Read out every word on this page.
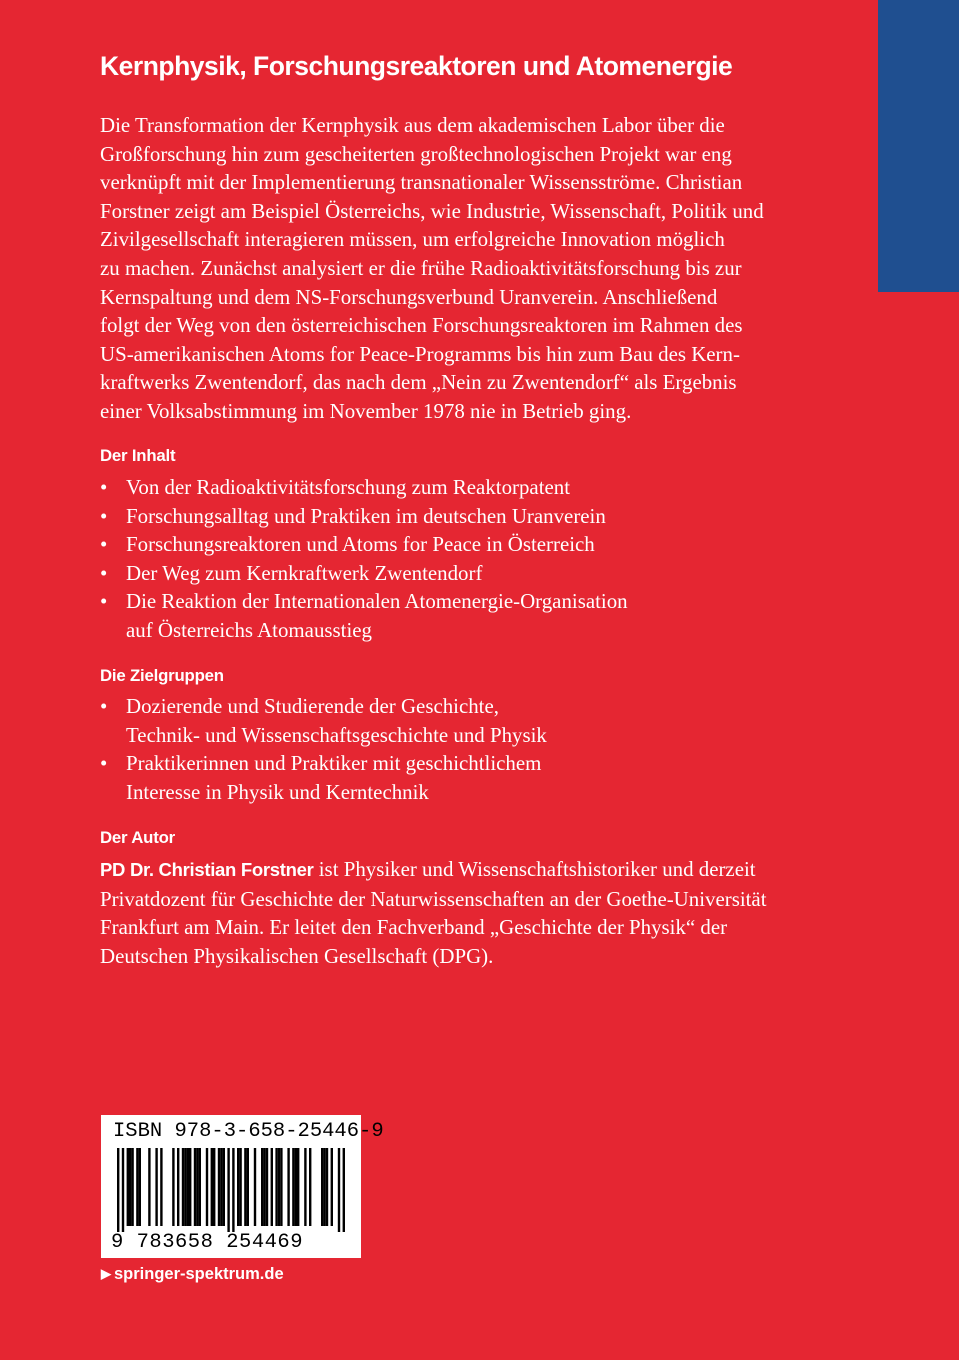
Kernphysik, Forschungsreaktoren und Atomenergie

Die Transformation der Kernphysik aus dem akademischen Labor über die
Großforschung hin zum gescheiterten großtechnologischen Projekt war eng
verknüpft mit der Implementierung transnationaler Wissensströme. Christian
Forstner zeigt am Beispiel Österreichs, wie Industrie, Wissenschaft, Politik und
Zivilgesellschaft interagieren müssen, um erfolgreiche Innovation möglich
zu machen. Zunächst analysiert er die frühe Radioaktivitätsforschung bis zur
Kernspaltung und dem NS-Forschungsverbund Uranverein. Anschließend
folgt der Weg von den österreichischen Forschungsreaktoren im Rahmen des
US-amerikanischen Atoms for Peace-Programms bis hin zum Bau des Kern-
kraftwerks Zwentendorf, das nach dem „Nein zu Zwentendorf“ als Ergebnis
einer Volksabstimmung im November 1978 nie in Betrieb ging.

Der Inhalt
• Von der Radioaktivitätsforschung zum Reaktorpatent
• Forschungsalltag und Praktiken im deutschen Uranverein
• Forschungsreaktoren und Atoms for Peace in Österreich
• Der Weg zum Kernkraftwerk Zwentendorf
• Die Reaktion der Internationalen Atomenergie-Organisation
auf Österreichs Atomausstieg
Die Zielgruppen
• Dozierende und Studierende der Geschichte,
Technik- und Wissenschaftsgeschichte und Physik
• Praktikerinnen und Praktiker mit geschichtlichem
Interesse in Physik und Kerntechnik
Der Autor

PD Dr. Christian Forstner ist Physiker und Wissenschaftshistoriker und derzeit
Privatdozent für Geschichte der Naturwissenschaften an der Goethe-Universität
Frankfurt am Main. Er leitet den Fachverband „Geschichte der Physik“ der
Deutschen Physikalischen Gesellschaft (DPG).

ISBN 978-3-658-25446-9

9 783658 254469

▶ springer-spektrum.de
